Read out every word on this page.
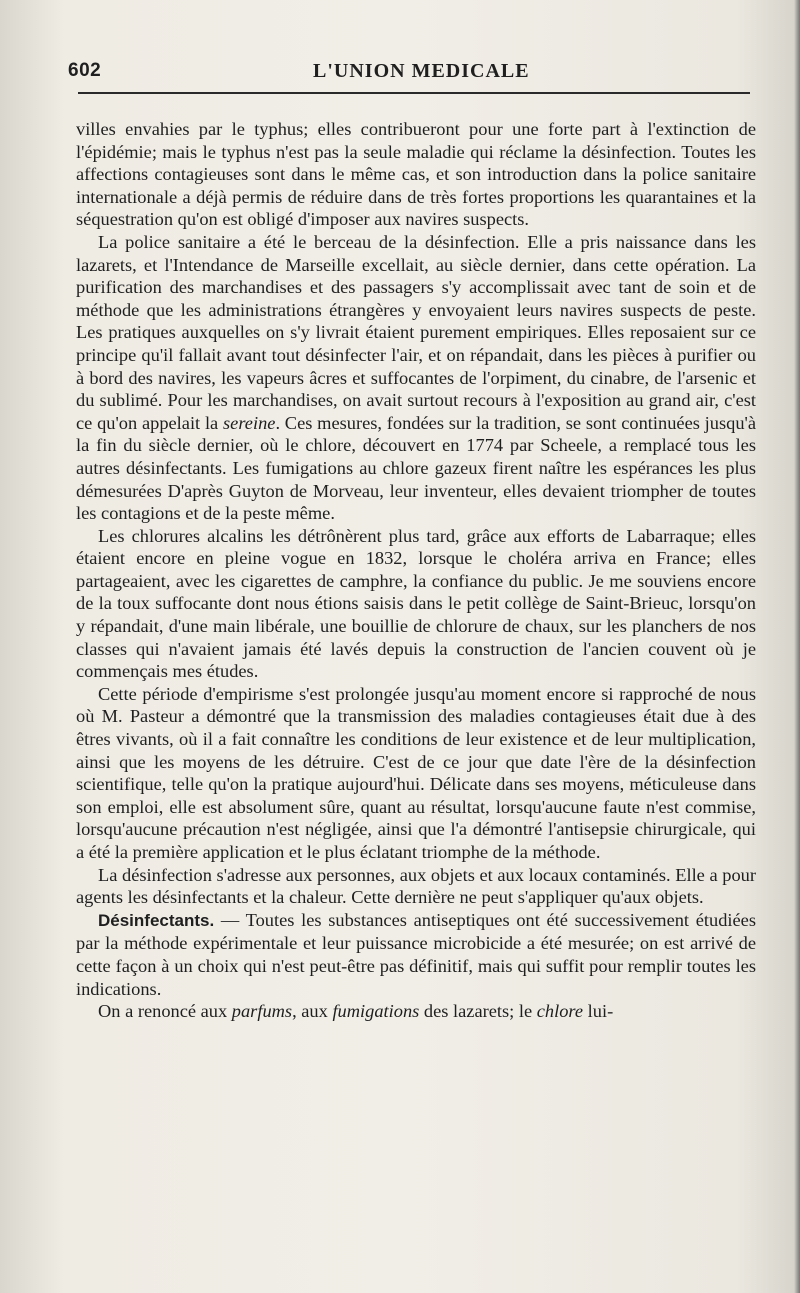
602	L'UNION MEDICALE

villes envahies par le typhus; elles contribueront pour une forte part à l'extinction de l'épidémie; mais le typhus n'est pas la seule maladie qui réclame la désinfection. Toutes les affections contagieuses sont dans le même cas, et son introduction dans la police sanitaire internationale a déjà permis de réduire dans de très fortes proportions les quarantaines et la séquestration qu'on est obligé d'imposer aux navires suspects.

La police sanitaire a été le berceau de la désinfection. Elle a pris naissance dans les lazarets, et l'Intendance de Marseille excellait, au siècle dernier, dans cette opération. La purification des marchandises et des passagers s'y accomplissait avec tant de soin et de méthode que les administrations étrangères y envoyaient leurs navires suspects de peste. Les pratiques auxquelles on s'y livrait étaient purement empiriques. Elles reposaient sur ce principe qu'il fallait avant tout désinfecter l'air, et on répandait, dans les pièces à purifier ou à bord des navires, les vapeurs âcres et suffocantes de l'orpiment, du cinabre, de l'arsenic et du sublimé. Pour les marchandises, on avait surtout recours à l'exposition au grand air, c'est ce qu'on appelait la sereine. Ces mesures, fondées sur la tradition, se sont continuées jusqu'à la fin du siècle dernier, où le chlore, découvert en 1774 par Scheele, a remplacé tous les autres désinfectants. Les fumigations au chlore gazeux firent naître les espérances les plus démesurées D'après Guyton de Morveau, leur inventeur, elles devaient triompher de toutes les contagions et de la peste même.

Les chlorures alcalins les détrônèrent plus tard, grâce aux efforts de Labarraque; elles étaient encore en pleine vogue en 1832, lorsque le choléra arriva en France; elles partageaient, avec les cigarettes de camphre, la confiance du public. Je me souviens encore de la toux suffocante dont nous étions saisis dans le petit collège de Saint-Brieuc, lorsqu'on y répandait, d'une main libérale, une bouillie de chlorure de chaux, sur les planchers de nos classes qui n'avaient jamais été lavés depuis la construction de l'ancien couvent où je commençais mes études.

Cette période d'empirisme s'est prolongée jusqu'au moment encore si rapproché de nous où M. Pasteur a démontré que la transmission des maladies contagieuses était due à des êtres vivants, où il a fait connaître les conditions de leur existence et de leur multiplication, ainsi que les moyens de les détruire. C'est de ce jour que date l'ère de la désinfection scientifique, telle qu'on la pratique aujourd'hui. Délicate dans ses moyens, méticuleuse dans son emploi, elle est absolument sûre, quant au résultat, lorsqu'aucune faute n'est commise, lorsqu'aucune précaution n'est négligée, ainsi que l'a démontré l'antisepsie chirurgicale, qui a été la première application et le plus éclatant triomphe de la méthode.

La désinfection s'adresse aux personnes, aux objets et aux locaux contaminés. Elle a pour agents les désinfectants et la chaleur. Cette dernière ne peut s'appliquer qu'aux objets.

Désinfectants. — Toutes les substances antiseptiques ont été successivement étudiées par la méthode expérimentale et leur puissance microbicide a été mesurée; on est arrivé de cette façon à un choix qui n'est peut-être pas définitif, mais qui suffit pour remplir toutes les indications.

On a renoncé aux parfums, aux fumigations des lazarets; le chlore lui-
